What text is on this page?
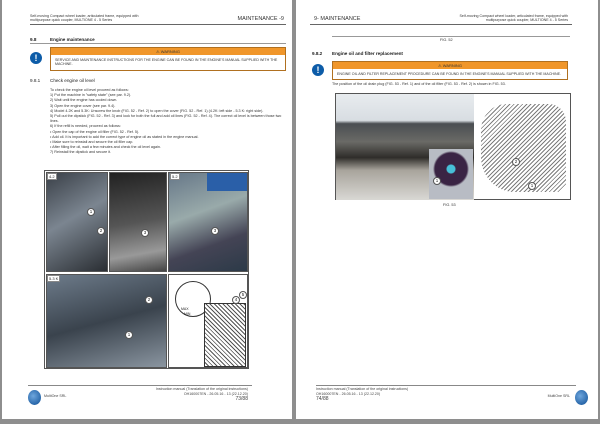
Self-moving Compact wheel loader, articulated frame, equipped with multipurpose quick coupler, MULTIONE 4 - 5 Series	MAINTENANCE -9
9.8	Engine maintenance
!
⚠ WARNING
SERVICE AND MAINTENANCE INSTRUCTIONS FOR THE ENGINE CAN BE FOUND IN THE ENGINE'S MANUAL SUPPLIED WITH THE MACHINE.
9.8.1 Check engine oil level
To check the engine oil level proceed as follows:
1) Put the machine in "safety state" (see par. 9.2).
2) Wait until the engine has cooled down.
3) Open the engine cover (see par. 9.4).
4) Model 4.2K and 5.3K: Unscrew the knob (FIG. 52 - Ref. 2) to open the cover (FIG. 52 - Ref. 1) (4.2K: left side - 5.3 K: right side).
5) Pull out the dipstick (FIG. 52 - Ref. 3) and look for both the full and add oil lines (FIG. 52 - Ref. 4). The correct oil level is between those two lines.
6) If the refill is needed, proceed as follows:
• Open the cap of the engine oil filler (FIG. 52 - Ref. 5).
• Add oil. It is important to add the correct type of engine oil as stated in the engine manual.
• Make sure to reinstall and secure the oil filler cap.
• After filling the oil, wait a few minutes and check the oil level again.
7) Reinstall the dipstick and secure it.
MAX
MIN
4.2	5.2
5.3 K
1
2	3	3
2
1
4
5
MultiOne SRL
Instruction manual (Translation of the original instructions)
OH160007EN - 26.05.16 - 13 (22.12.20)
73/88
9- MAINTENANCE	Self-moving Compact wheel loader, articulated frame, equipped with multipurpose quick coupler, MULTIONE 4 - 5 Series
FIG. 52
9.8.2 Engine oil and filter replacement
!	⚠ WARNING
ENGINE OIL AND FILTER REPLACEMENT PROCEDURE CAN BE FOUND IN THE ENGINE'S MANUAL SUPPLIED WITH THE MACHINE.
The position of the oil drain plug (FIG. 53 - Ref. 1) and of the oil filter (FIG. 53 - Ref. 2) is shown in FIG. 53.
1
2
1
FIG. 53
Instruction manual (Translation of the original instructions)
OH160007EN - 26.05.16 - 13 (22.12.20)
74/88	MultiOne SRL
